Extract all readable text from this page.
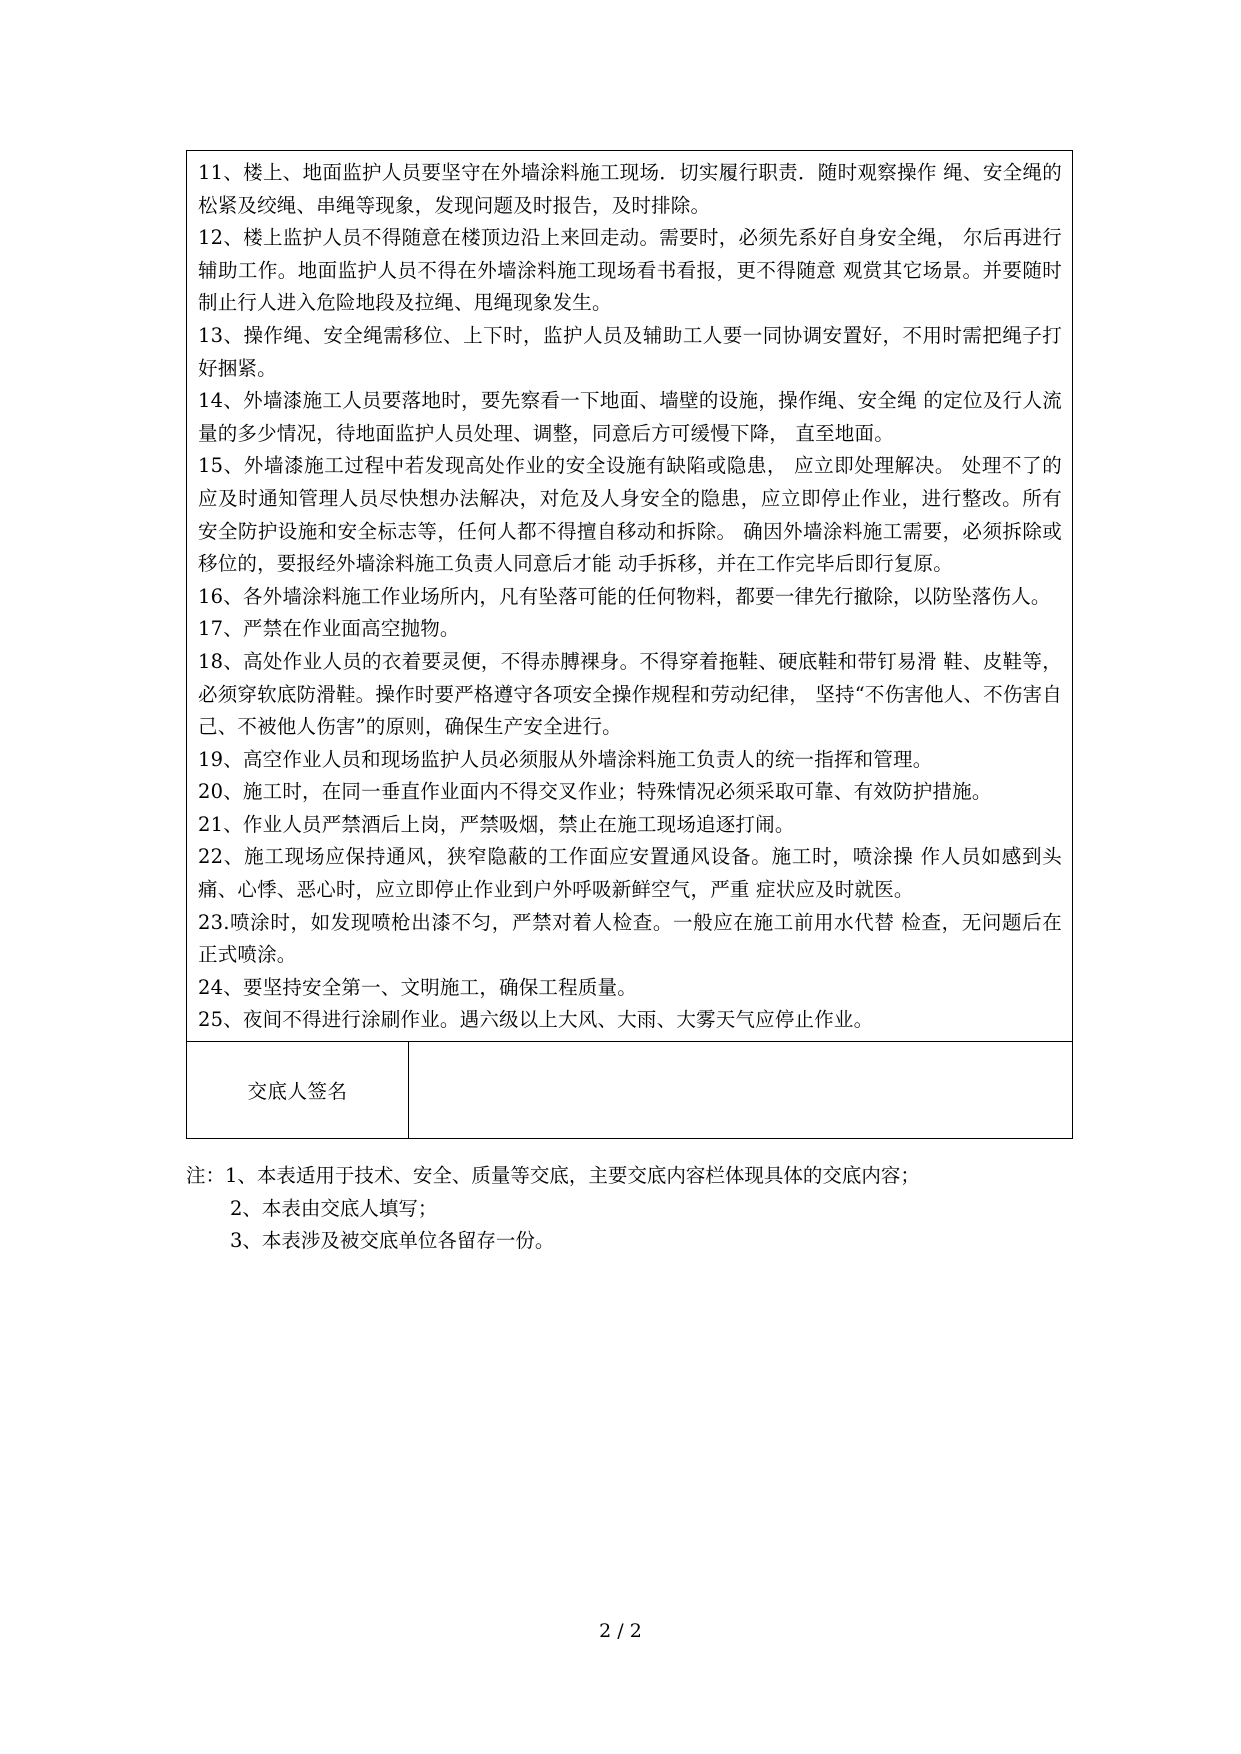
11、楼上、地面监护人员要坚守在外墙涂料施工现场．切实履行职责．随时观察操作 绳、安全绳的松紧及绞绳、串绳等现象，发现问题及时报告，及时排除。

12、楼上监护人员不得随意在楼顶边沿上来回走动。需要时，必须先系好自身安全绳， 尔后再进行辅助工作。地面监护人员不得在外墙涂料施工现场看书看报，更不得随意 观赏其它场景。并要随时制止行人进入危险地段及拉绳、甩绳现象发生。

13、操作绳、安全绳需移位、上下时，监护人员及辅助工人要一同协调安置好，不用时需把绳子打好捆紧。

14、外墙漆施工人员要落地时，要先察看一下地面、墙壁的设施，操作绳、安全绳 的定位及行人流量的多少情况，待地面监护人员处理、调整，同意后方可缓慢下降， 直至地面。

15、外墙漆施工过程中若发现高处作业的安全设施有缺陷或隐患， 应立即处理解决。 处理不了的应及时通知管理人员尽快想办法解决，对危及人身安全的隐患，应立即停止作业，进行整改。所有安全防护设施和安全标志等，任何人都不得擅自移动和拆除。 确因外墙涂料施工需要，必须拆除或移位的，要报经外墙涂料施工负责人同意后才能 动手拆移，并在工作完毕后即行复原。

16、各外墙涂料施工作业场所内，凡有坠落可能的任何物料，都要一律先行撤除，以防坠落伤人。

17、严禁在作业面高空抛物。

18、高处作业人员的衣着要灵便，不得赤膊裸身。不得穿着拖鞋、硬底鞋和带钉易滑 鞋、皮鞋等，必须穿软底防滑鞋。操作时要严格遵守各项安全操作规程和劳动纪律， 坚持“不伤害他人、不伤害自己、不被他人伤害”的原则，确保生产安全进行。

19、高空作业人员和现场监护人员必须服从外墙涂料施工负责人的统一指挥和管理。

20、施工时，在同一垂直作业面内不得交叉作业；特殊情况必须采取可靠、有效防护措施。

21、作业人员严禁酒后上岗，严禁吸烟，禁止在施工现场追逐打闹。

22、施工现场应保持通风，狭窄隐蔽的工作面应安置通风设备。施工时，喷涂操 作人员如感到头痛、心悸、恶心时，应立即停止作业到户外呼吸新鲜空气，严重 症状应及时就医。

23.喷涂时，如发现喷枪出漆不匀，严禁对着人检查。一般应在施工前用水代替 检查，无问题后在正式喷涂。

24、要坚持安全第一、文明施工，确保工程质量。

25、夜间不得进行涂刷作业。遇六级以上大风、大雨、大雾天气应停止作业。

交底人签名	

注：1、本表适用于技术、安全、质量等交底，主要交底内容栏体现具体的交底内容；

2、本表由交底人填写；

3、本表涉及被交底单位各留存一份。

2 / 2
